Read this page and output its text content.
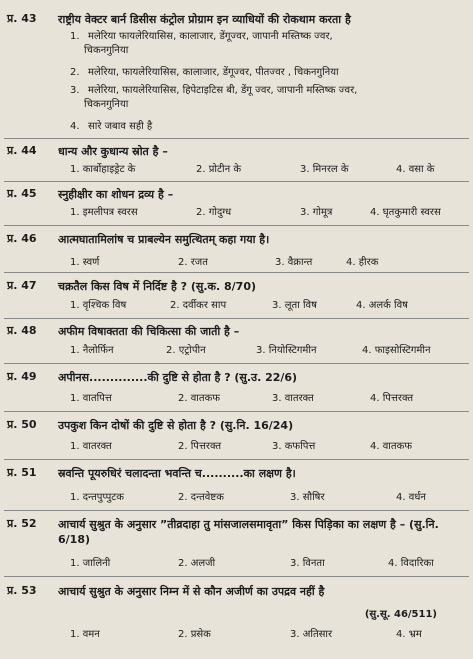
प्र. 43 राष्ट्रीय वेक्टर बार्न डिसीस कंट्रोल प्रोग्राम इन व्याधियों की रोकथाम करता है
1. मलेरिया फायलेरियासिस, कालाजार, डेंगूज्वर, जापानी मस्तिष्क ज्वर,
चिकनगुनिया
2. मलेरिया, फायलेरियासिस, कालाजार, डेंगूज्वर, पीतज्वर , चिकनगुनिया
3. मलेरिया, फायलेरियासिस, हिपेटाइटिस बी, डेंगू ज्वर, जापानी मस्तिष्क ज्वर,
चिकनगुनिया
4. सारे जबाव सही है
प्र. 44 धान्य और कुधान्य स्रोत है –
1. कार्बोहाइड्रेट के	2. प्रोटीन के	3. मिनरल के	4. वसा के
प्र. 45 स्नुहीक्षीर का शोधन द्रव्य है –
1. इमलीपत्र स्वरस	2. गोदुग्ध	3. गोमूत्र	4. घृतकुमारी स्वरस
प्र. 46 आत्मघातामिलांष च प्राबल्येन समुत्थितम् कहा गया है।
1. स्वर्ण	2. रजत	3. वैक्रान्त	4. हीरक
प्र. 47 चक्रतैल किस विष में निर्दिष्ट है ? (सु.क. 8/70)
1. वृश्चिक विष	2. दर्वीकर साप	3. लूता विष	4. अलर्क विष
प्र. 48 अफीम विषाक्तता की चिकित्सा की जाती है –
1. नैलोर्फिन	2. एट्रोपीन	3. नियोस्टिगमीन	4. फाइसोस्टिगमीन
प्र. 49 अपीनस..............की दुष्टि से होता है ? (सु.उ. 22/6)
1. वातपित्त	2. वातकफ	3. वातरक्त	4. पित्तरक्त
प्र. 50 उपकुश किन दोषों की दुष्टि से होता है ? (सु.नि. 16/24)
1. वातरक्त	2. पित्तरक्त	3. कफपित्त	4. वातकफ
प्र. 51 स्रवन्ति पूयरुधिरं चलादन्ता भवन्ति च..........का लक्षण है।
1. दन्तपुप्पुटक	2. दन्तवेष्टक	3. सौषिर	4. वर्धन
प्र. 52 आचार्य सुश्रुत के अनुसार ”तीव्रदाहा तु मांसजालसमावृता” किस पिड़िका का लक्षण है – (सु.नि. 6/18)
1. जालिनी	2. अलजी	3. विनता	4. विदारिका
प्र. 53 आचार्य सुश्रुत के अनुसार निम्न में से कौन अजीर्ण का उपद्रव नहीं है
(सु.सू. 46/511)
1. वमन	2. प्रसेक	3. अतिसार	4. भ्रम
